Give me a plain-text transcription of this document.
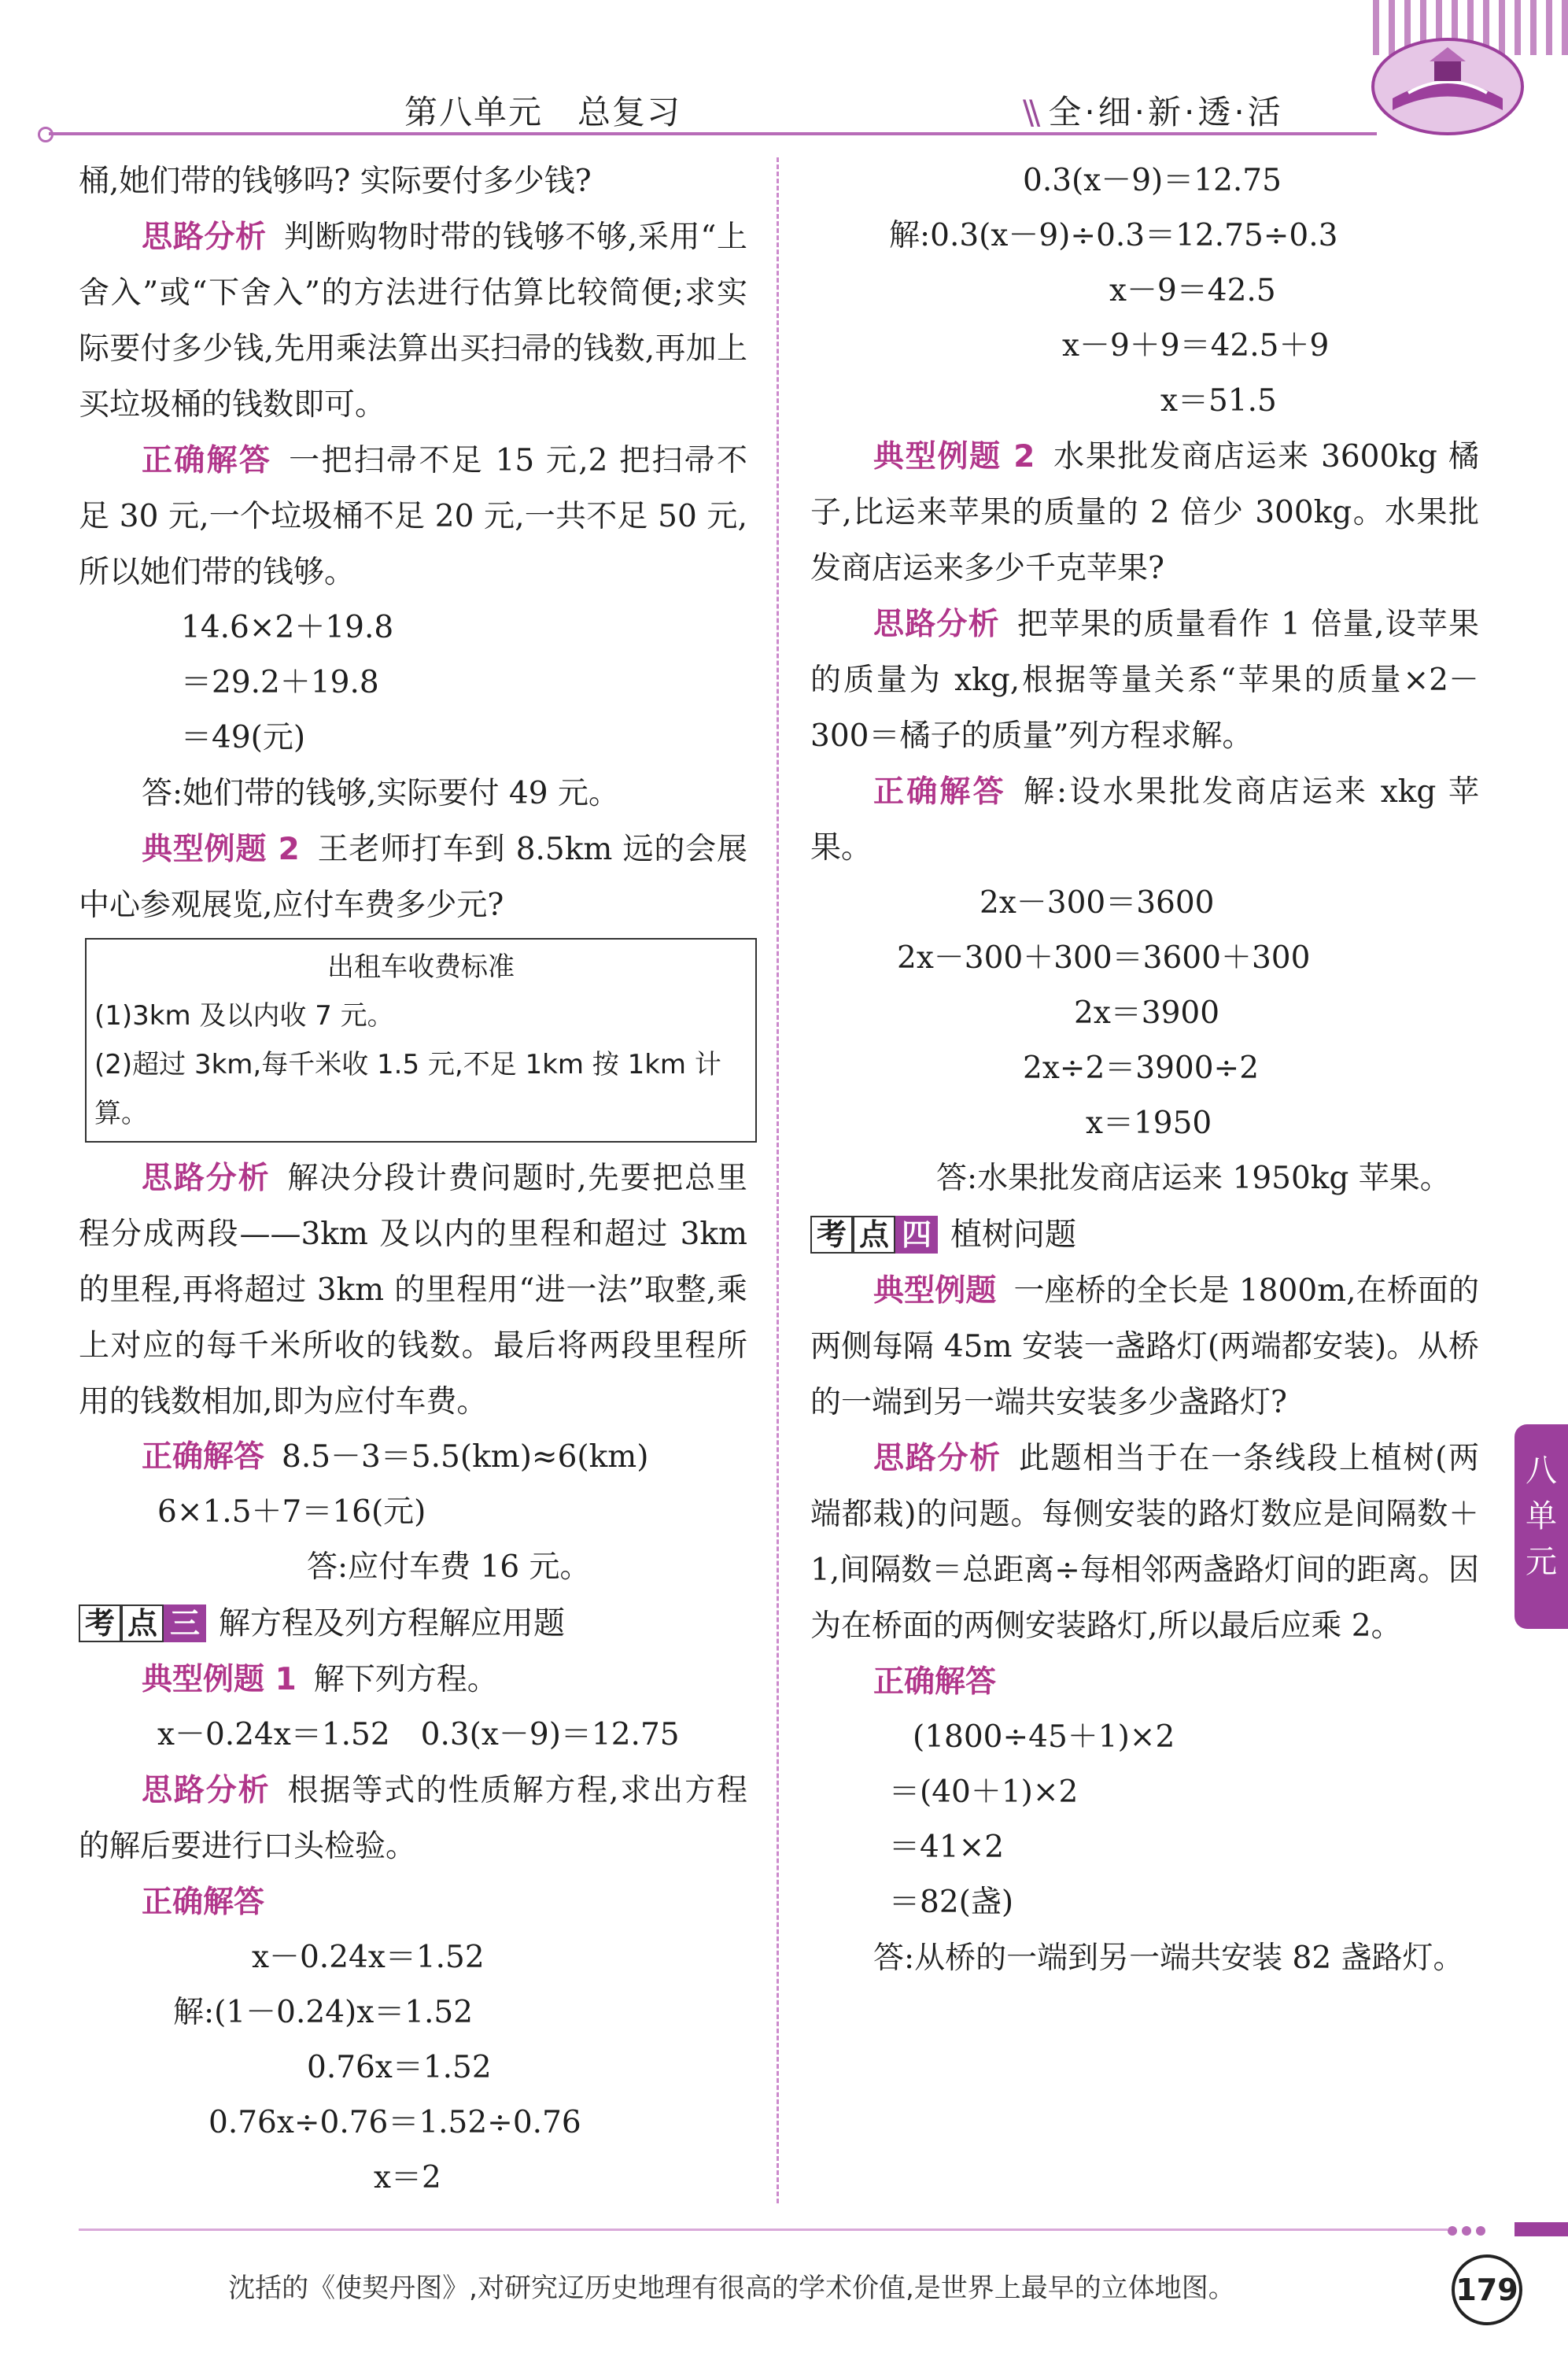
第八单元　总复习	\\ 全·细·新·透·活

桶,她们带的钱够吗? 实际要付多少钱?

思路分析 判断购物时带的钱够不够,采用“上舍入”或“下舍入”的方法进行估算比较简便;求实际要付多少钱,先用乘法算出买扫帚的钱数,再加上买垃圾桶的钱数即可。

正确解答 一把扫帚不足 15 元,2 把扫帚不足 30 元,一个垃圾桶不足 20 元,一共不足 50 元,所以她们带的钱够。

14.6×2＋19.8

＝29.2＋19.8

＝49(元)

答:她们带的钱够,实际要付 49 元。

典型例题 2 王老师打车到 8.5km 远的会展中心参观展览,应付车费多少元?

出租车收费标准
(1)3km 及以内收 7 元。
(2)超过 3km,每千米收 1.5 元,不足 1km 按 1km 计算。

思路分析 解决分段计费问题时,先要把总里程分成两段——3km 及以内的里程和超过 3km 的里程,再将超过 3km 的里程用“进一法”取整,乘上对应的每千米所收的钱数。最后将两段里程所用的钱数相加,即为应付车费。

正确解答 8.5－3＝5.5(km)≈6(km)

6×1.5＋7＝16(元)

答:应付车费 16 元。

考 点 三 解方程及列方程解应用题

典型例题 1 解下列方程。

x－0.24x＝1.52　0.3(x－9)＝12.75

思路分析 根据等式的性质解方程,求出方程的解后要进行口头检验。

正确解答

x－0.24x＝1.52

解:(1－0.24)x＝1.52

0.76x＝1.52

0.76x÷0.76＝1.52÷0.76

x＝2

0.3(x－9)＝12.75

解:0.3(x－9)÷0.3＝12.75÷0.3

x－9＝42.5

x－9＋9＝42.5＋9

x＝51.5

典型例题 2 水果批发商店运来 3600kg 橘子,比运来苹果的质量的 2 倍少 300kg。水果批发商店运来多少千克苹果?

思路分析 把苹果的质量看作 1 倍量,设苹果的质量为 xkg,根据等量关系“苹果的质量×2－300＝橘子的质量”列方程求解。

正确解答 解:设水果批发商店运来 xkg 苹果。

2x－300＝3600

2x－300＋300＝3600＋300

2x＝3900

2x÷2＝3900÷2

x＝1950

答:水果批发商店运来 1950kg 苹果。

考 点 四 植树问题

典型例题 一座桥的全长是 1800m,在桥面的两侧每隔 45m 安装一盏路灯(两端都安装)。从桥的一端到另一端共安装多少盏路灯?

思路分析 此题相当于在一条线段上植树(两端都栽)的问题。每侧安装的路灯数应是间隔数＋1,间隔数＝总距离÷每相邻两盏路灯间的距离。因为在桥面的两侧安装路灯,所以最后应乘 2。

正确解答

(1800÷45＋1)×2

＝(40＋1)×2

＝41×2

＝82(盏)

答:从桥的一端到另一端共安装 82 盏路灯。

八
单
元
沈括的《使契丹图》,对研究辽历史地理有很高的学术价值,是世界上最早的立体地图。	179
